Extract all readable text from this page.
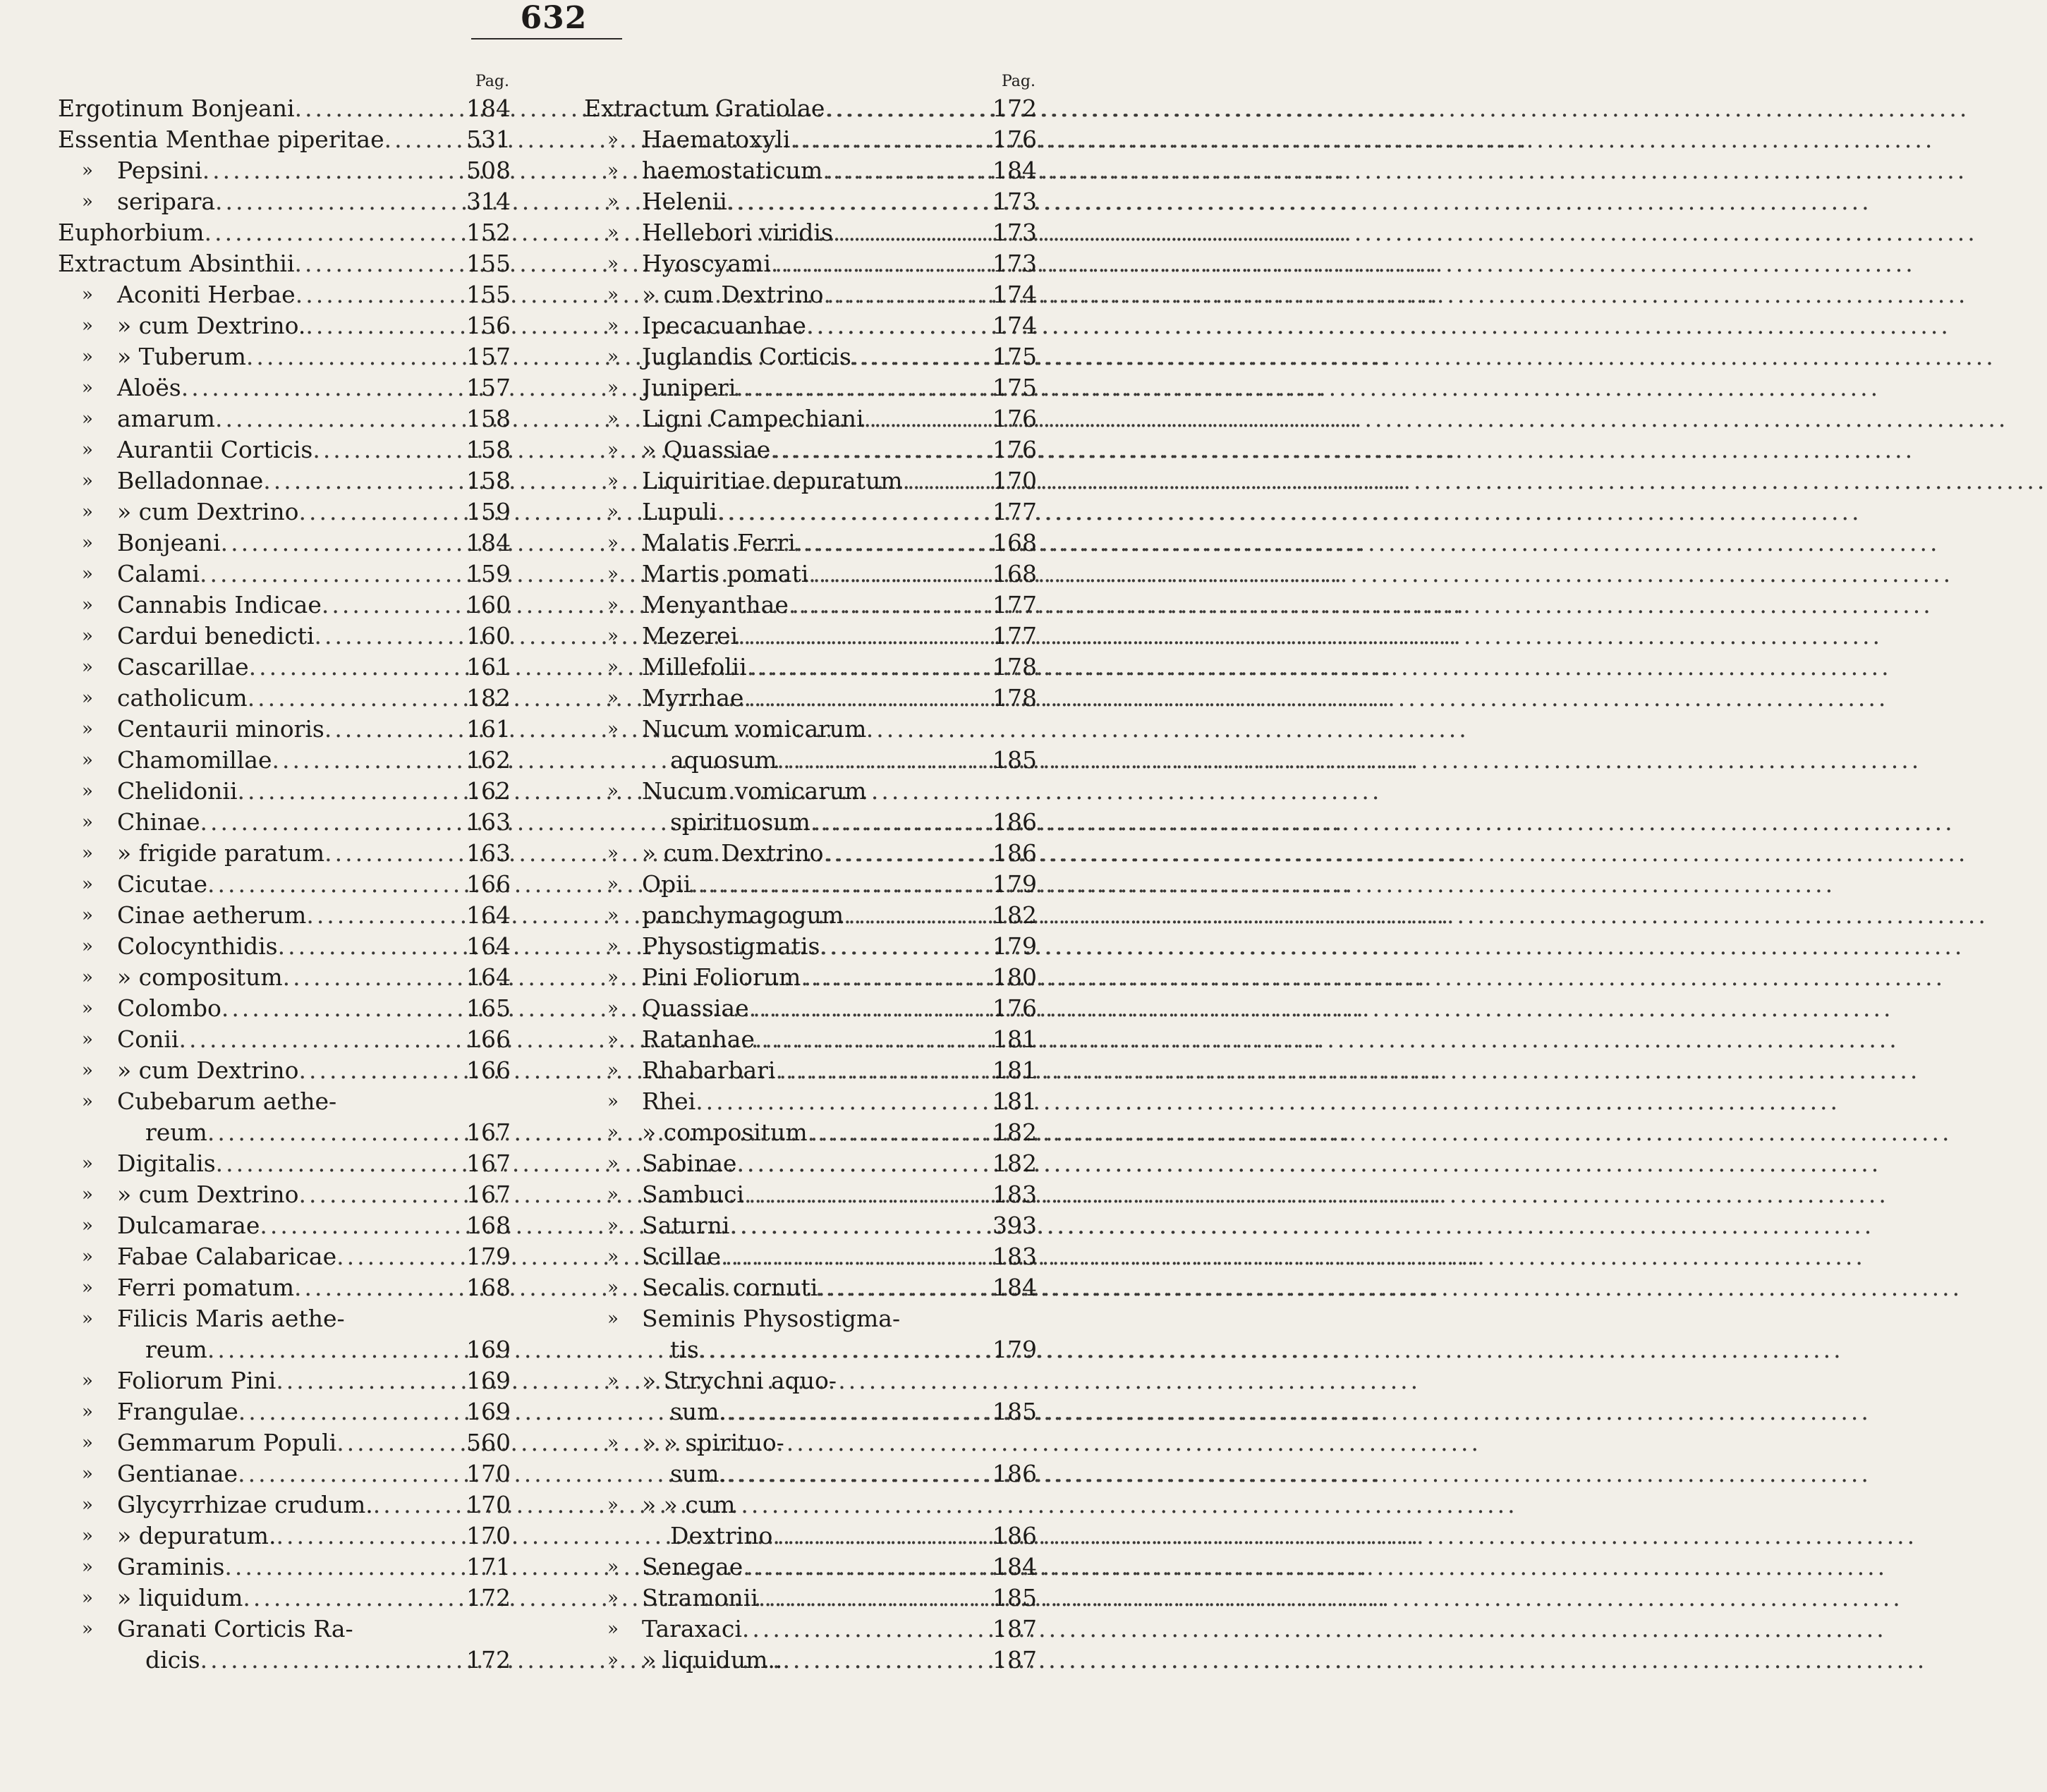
632
Pag.
Ergotinum Bonjeani .....	184
Essentia Menthae piperitae .....	531
»	Pepsini .....	508
»	seripara .....	314
Euphorbium .....	152
Extractum Absinthii .....	155
»	Aconiti Herbae .....	155
»	» cum Dextrino. .....	156
»	» Tuberum .....	157
»	Aloës .....	157
»	amarum .....	158
»	Aurantii Corticis .....	158
»	Belladonnae .....	158
»	» cum Dextrino .....	159
»	Bonjeani .....	184
»	Calami .....	159
»	Cannabis Indicae .....	160
»	Cardui benedicti .....	160
»	Cascarillae .....	161
»	catholicum .....	182
»	Centaurii minoris .....	161
»	Chamomillae .....	162
»	Chelidonii .....	162
»	Chinae .....	163
»	» frigide paratum .....	163
»	Cicutae .....	166
»	Cinae aetherum .....	164
»	Colocynthidis .....	164
»	» compositum .....	164
»	Colombo .....	165
»	Conii .....	166
»	» cum Dextrino .....	166
»	Cubebarum aethe-
reum .....	167
»	Digitalis .....	167
»	» cum Dextrino .....	167
»	Dulcamarae .....	168
»	Fabae Calabaricae .....	179
»	Ferri pomatum .....	168
»	Filicis Maris aethe-
reum .....	169
»	Foliorum Pini .....	169
»	Frangulae .....	169
»	Gemmarum Populi .....	560
»	Gentianae .....	170
»	Glycyrrhizae crudum. .....	170
»	» depuratum. .....	170
»	Graminis .....	171
»	» liquidum .....	172
»	Granati Corticis Ra-
dicis .....	172
Pag.
Extractum Gratiolae .....	172
»	Haematoxyli .....	176
»	haemostaticum .....	184
»	Helenii .....	173
»	Hellebori viridis .....	173
»	Hyoscyami .....	173
»	» cum Dextrino .....	174
»	Ipecacuanhae .....	174
»	Juglandis Corticis .....	175
»	Juniperi .....	175
»	Ligni Campechiani .....	176
»	» Quassiae .....	176
»	Liquiritiae depuratum .....	170
»	Lupuli .....	177
»	Malatis Ferri .....	168
»	Martis pomati .....	168
»	Menyanthae .....	177
»	Mezerei .....	177
»	Millefolii .....	178
»	Myrrhae .....	178
»	Nucum vomicarum
aquosum .....	185
»	Nucum vomicarum
spirituosum .....	186
»	» cum Dextrino .....	186
»	Opii .....	179
»	panchymagogum .....	182
»	Physostigmatis .....	179
»	Pini Foliorum .....	180
»	Quassiae .....	176
»	Ratanhae .....	181
»	Rhabarbari .....	181
»	Rhei .....	181
»	» compositum .....	182
»	Sabinae .....	182
»	Sambuci .....	183
»	Saturni .....	393
»	Scillae .....	183
»	Secalis cornuti .....	184
»	Seminis Physostigma-
tis .....	179
»	» Strychni aquo-
sum. .....	185
»	» » spirituo-
sum. .....	186
»	» » cum
Dextrino .....	186
»	Senegae .....	184
»	Stramonii .....	185
»	Taraxaci .....	187
»	» liquidum.. .....	187
